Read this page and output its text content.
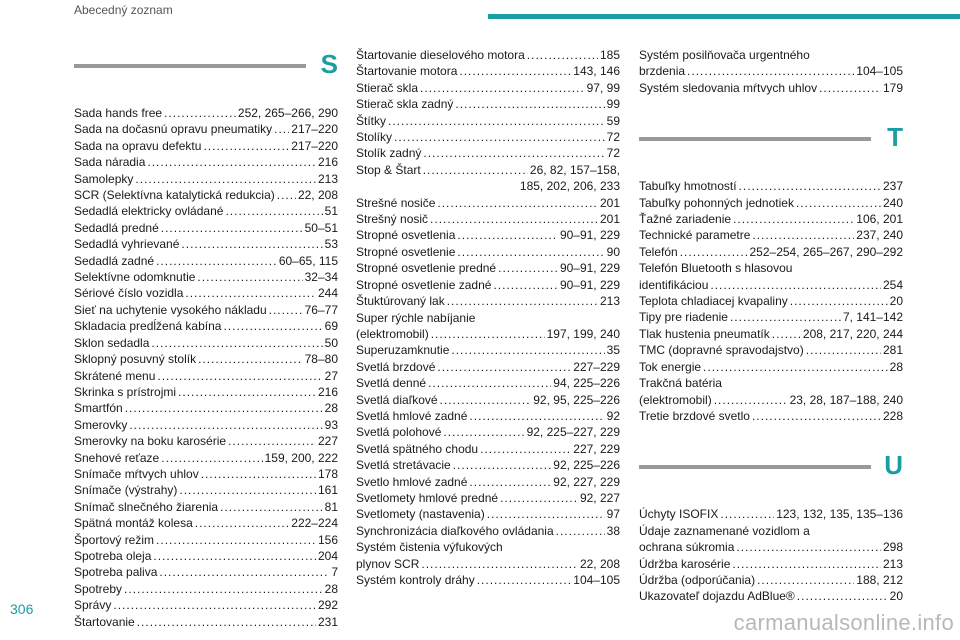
Abecedný zoznam
S
Sada hands free .....	252, 265–266, 290
Sada na dočasnú opravu pneumatiky ..... 217–220
Sada na opravu defektu .....	217–220
Sada náradia .....	216
Samolepky .....	213
SCR (Selektívna katalytická redukcia) ..... 22, 208
Sedadlá elektricky ovládané .....	51
Sedadlá predné .....	50–51
Sedadlá vyhrievané .....	53
Sedadlá zadné .....	60–65, 115
Selektívne odomknutie .....	32–34
Sériové číslo vozidla .....	244
Sieť na uchytenie vysokého nákladu .....	76–77
Skladacia predĺžená kabína .....	69
Sklon sedadla .....	50
Sklopný posuvný stolík .....	78–80
Skrátené menu .....	27
Skrinka s prístrojmi .....	216
Smartfón .....	28
Smerovky .....	93
Smerovky na boku karosérie .....	227
Snehové reťaze .....	159, 200, 222
Snímače mŕtvych uhlov .....	178
Snímače (výstrahy) .....	161
Snímač slnečného žiarenia .....	81
Spätná montáž kolesa .....	222–224
Športový režim .....	156
Spotreba oleja .....	204
Spotreba paliva .....	7
Spotreby .....	28
Správy .....	292
Štartovanie .....	231
Štartovanie dieselového motora .....	185
Štartovanie motora .....	143, 146
Stierač skla .....	97, 99
Stierač skla zadný .....	99
Štítky .....	59
Stolíky .....	72
Stolík zadný .....	72
Stop & Štart .....	26, 82, 157–158,
185, 202, 206, 233
Strešné nosiče .....	201
Strešný nosič .....	201
Stropné osvetlenia .....	90–91, 229
Stropné osvetlenie .....	90
Stropné osvetlenie predné .....	90–91, 229
Stropné osvetlenie zadné .....	90–91, 229
Štuktúrovaný lak .....	213
Super rýchle nabíjanie
(elektromobil) .....	197, 199, 240
Superuzamknutie .....	35
Svetlá brzdové .....	227–229
Svetlá denné .....	94, 225–226
Svetlá diaľkové .....	92, 95, 225–226
Svetlá hmlové zadné .....	92
Svetlá polohové .....	92, 225–227, 229
Svetlá spätného chodu .....	227, 229
Svetlá stretávacie .....	92, 225–226
Svetlo hmlové zadné .....	92, 227, 229
Svetlomety hmlové predné .....	92, 227
Svetlomety (nastavenia) .....	97
Synchronizácia diaľkového ovládania .....	38
Systém čistenia výfukových
plynov SCR .....	22, 208
Systém kontroly dráhy .....	104–105
Systém posilňovača urgentného
brzdenia .....	104–105
Systém sledovania mŕtvych uhlov .....	179
T
Tabuľky hmotností .....	237
Tabuľky pohonných jednotiek .....	240
Ťažné zariadenie .....	106, 201
Technické parametre .....	237, 240
Telefón .....	252–254, 265–267, 290–292
Telefón Bluetooth s hlasovou
identifikáciou .....	254
Teplota chladiacej kvapaliny .....	20
Tipy pre riadenie .....	7, 141–142
Tlak hustenia pneumatík .....	208, 217, 220, 244
TMC (dopravné spravodajstvo) .....	281
Tok energie .....	28
Trakčná batéria
(elektromobil) .....	23, 28, 187–188, 240
Tretie brzdové svetlo .....	228
U
Úchyty ISOFIX .....	123, 132, 135, 135–136
Údaje zaznamenané vozidlom a
ochrana súkromia .....	298
Údržba karosérie .....	213
Údržba (odporúčania) .....	188, 212
Ukazovateľ dojazdu AdBlue® .....	20
306
carmanualsonline.info
